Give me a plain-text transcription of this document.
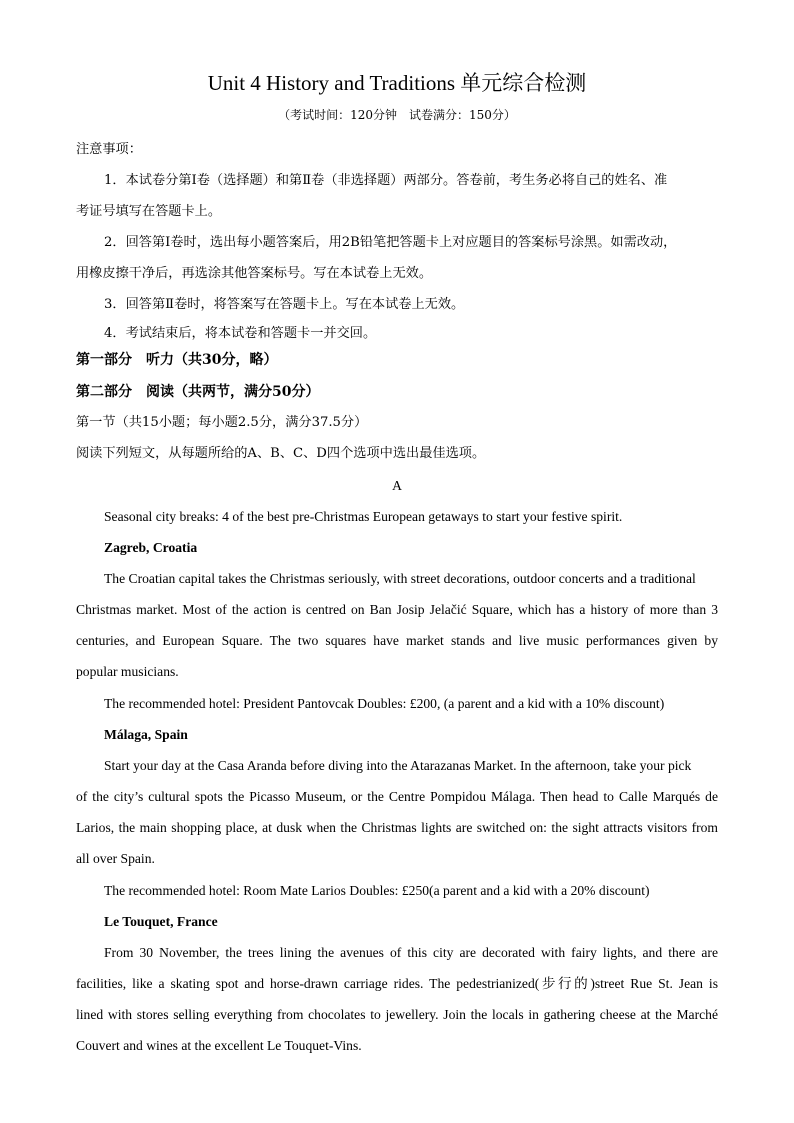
Unit 4 History and Traditions 单元综合检测
（考试时间：120分钟　试卷满分：150分）
注意事项：
1．本试卷分第Ⅰ卷（选择题）和第Ⅱ卷（非选择题）两部分。答卷前，考生务必将自己的姓名、准
考证号填写在答题卡上。
2．回答第Ⅰ卷时，选出每小题答案后，用2B铅笔把答题卡上对应题目的答案标号涂黑。如需改动，
用橡皮擦干净后，再选涂其他答案标号。写在本试卷上无效。
3．回答第Ⅱ卷时，将答案写在答题卡上。写在本试卷上无效。
4．考试结束后，将本试卷和答题卡一并交回。
第一部分　听力（共30分，略）
第二部分　阅读（共两节，满分50分）
第一节（共15小题；每小题2.5分，满分37.5分）
阅读下列短文，从每题所给的A、B、C、D四个选项中选出最佳选项。
A
Seasonal city breaks: 4 of the best pre-Christmas European getaways to start your festive spirit.
Zagreb, Croatia
The Croatian capital takes the Christmas seriously, with street decorations, outdoor concerts and a traditional
Christmas market. Most of the action is centred on Ban Josip Jelačić Square, which has a history of more than 3
centuries, and European Square. The two squares have market stands and live music performances given by
popular musicians.
The recommended hotel: President Pantovcak Doubles: £200, (a parent and a kid with a 10% discount)
Málaga, Spain
Start your day at the Casa Aranda before diving into the Atarazanas Market. In the afternoon, take your pick
of the city’s cultural spots the Picasso Museum, or the Centre Pompidou Málaga. Then head to Calle Marqués de
Larios, the main shopping place, at dusk when the Christmas lights are switched on: the sight attracts visitors from
all over Spain.
The recommended hotel: Room Mate Larios Doubles: £250(a parent and a kid with a 20% discount)
Le Touquet, France
From 30 November, the trees lining the avenues of this city are decorated with fairy lights, and there are
facilities, like a skating spot and horse-drawn carriage rides. The pedestrianized(步行的)street Rue St. Jean is
lined with stores selling everything from chocolates to jewellery. Join the locals in gathering cheese at the Marché
Couvert and wines at the excellent Le Touquet-Vins.
